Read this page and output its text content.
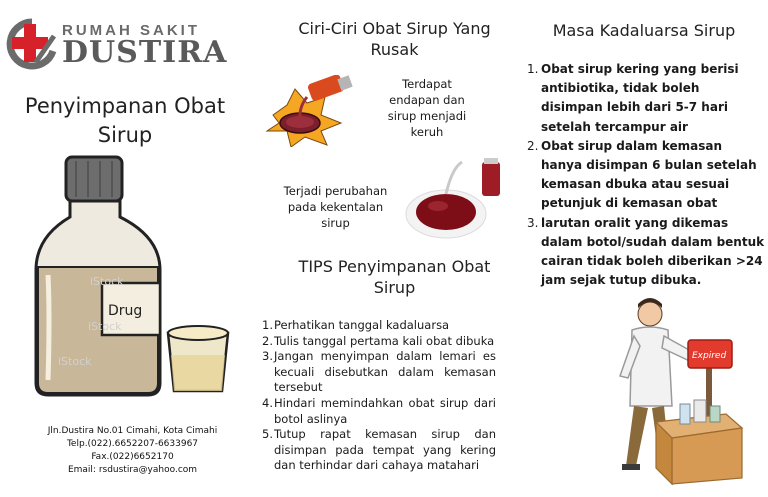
RUMAH SAKIT
DUSTIRA
Penyimpanan Obat
Sirup
Drug
iStock
iStock
iStock
Jln.Dustira No.01 Cimahi, Kota Cimahi
Telp.(022).6652207-6633967
Fax.(022)6652170
Email: rsdustira@yahoo.com
Ciri-Ciri Obat Sirup Yang
Rusak
Terdapat
endapan dan
sirup menjadi
keruh
Terjadi perubahan
pada kekentalan
sirup
TIPS Penyimpanan Obat
Sirup
1. Perhatikan tanggal kadaluarsa
2. Tulis tanggal pertama kali obat dibuka
3. Jangan menyimpan dalam lemari es kecuali disebutkan dalam kemasan tersebut
4. Hindari memindahkan obat sirup dari botol aslinya
5. Tutup rapat kemasan sirup dan disimpan pada tempat yang kering dan terhindar dari cahaya matahari
Masa Kadaluarsa Sirup
1. Obat sirup kering yang berisi antibiotika, tidak boleh disimpan lebih dari 5-7 hari setelah tercampur air
2. Obat sirup dalam kemasan hanya disimpan 6 bulan setelah kemasan dbuka atau sesuai petunjuk di kemasan obat
3. larutan oralit yang dikemas dalam botol/sudah dalam bentuk cairan tidak boleh diberikan >24 jam sejak tutup dibuka.
Expired
